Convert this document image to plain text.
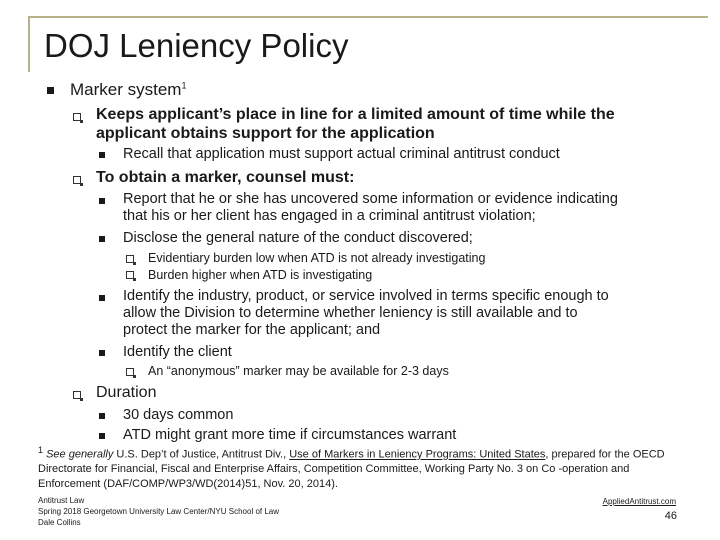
DOJ Leniency Policy
Marker system$^1$
Keeps applicant’s place in line for a limited amount of time while the
applicant obtains support for the application
Recall that application must support actual criminal antitrust conduct
To obtain a marker, counsel must:
Report that he or she has uncovered some information or evidence indicating
that his or her client has engaged in a criminal antitrust violation;
Disclose the general nature of the conduct discovered;
Evidentiary burden low when ATD is not already investigating
Burden higher when ATD is investigating
Identify the industry, product, or service involved in terms specific enough to
allow the Division to determine whether leniency is still available and to
protect the marker for the applicant; and
Identify the client
An “anonymous” marker may be available for 2-3 days
Duration
30 days common
ATD might grant more time if circumstances warrant
$^1$ See generally U.S. Dep’t of Justice, Antitrust Div., Use of Markers in Leniency Programs: United States, prepared for the OECD Directorate for Financial, Fiscal and Enterprise Affairs, Competition Committee, Working Party No. 3 on Co -operation and Enforcement (DAF/COMP/WP3/WD(2014)51, Nov. 20, 2014).
Antitrust Law
Spring 2018 Georgetown University Law Center/NYU School of Law
Dale Collins
AppliedAntitrust.com
46
